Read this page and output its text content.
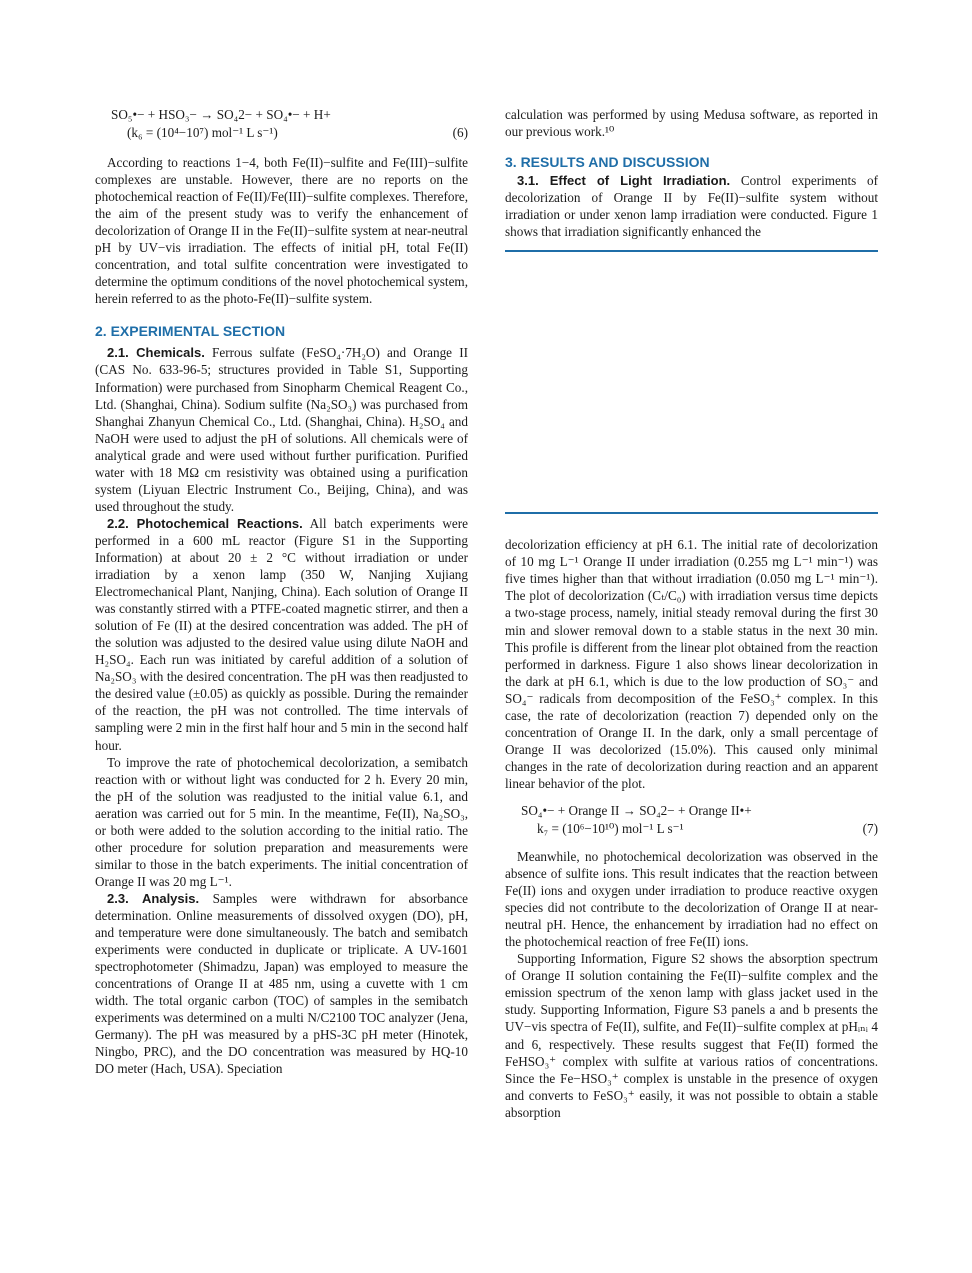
SO₅•− + HSO₃− → SO₄2− + SO₄•− + H+
(k₆ = (10⁴−10⁷) mol⁻¹ L s⁻¹)	(6)

According to reactions 1−4, both Fe(II)−sulfite and Fe(III)−sulfite complexes are unstable. However, there are no reports on the photochemical reaction of Fe(II)/Fe(III)−sulfite complexes. Therefore, the aim of the present study was to verify the enhancement of decolorization of Orange II in the Fe(II)−sulfite system at near-neutral pH by UV−vis irradiation. The effects of initial pH, total Fe(II) concentration, and total sulfite concentration were investigated to determine the optimum conditions of the novel photochemical system, herein referred to as the photo-Fe(II)−sulfite system.

2. EXPERIMENTAL SECTION

2.1. Chemicals. Ferrous sulfate (FeSO₄·7H₂O) and Orange II (CAS No. 633-96-5; structures provided in Table S1, Supporting Information) were purchased from Sinopharm Chemical Reagent Co., Ltd. (Shanghai, China). Sodium sulfite (Na₂SO₃) was purchased from Shanghai Zhanyun Chemical Co., Ltd. (Shanghai, China). H₂SO₄ and NaOH were used to adjust the pH of solutions. All chemicals were of analytical grade and were used without further purification. Purified water with 18 MΩ cm resistivity was obtained using a purification system (Liyuan Electric Instrument Co., Beijing, China), and was used throughout the study.

2.2. Photochemical Reactions. All batch experiments were performed in a 600 mL reactor (Figure S1 in the Supporting Information) at about 20 ± 2 °C without irradiation or under irradiation by a xenon lamp (350 W, Nanjing Xujiang Electromechanical Plant, Nanjing, China). Each solution of Orange II was constantly stirred with a PTFE-coated magnetic stirrer, and then a solution of Fe (II) at the desired concentration was added. The pH of the solution was adjusted to the desired value using dilute NaOH and H₂SO₄. Each run was initiated by careful addition of a solution of Na₂SO₃ with the desired concentration. The pH was then readjusted to the desired value (±0.05) as quickly as possible. During the remainder of the reaction, the pH was not controlled. The time intervals of sampling were 2 min in the first half hour and 5 min in the second half hour.

To improve the rate of photochemical decolorization, a semibatch reaction with or without light was conducted for 2 h. Every 20 min, the pH of the solution was readjusted to the initial value 6.1, and aeration was carried out for 5 min. In the meantime, Fe(II), Na₂SO₃, or both were added to the solution according to the initial ratio. The other procedure for solution preparation and measurements were similar to those in the batch experiments. The initial concentration of Orange II was 20 mg L⁻¹.

2.3. Analysis. Samples were withdrawn for absorbance determination. Online measurements of dissolved oxygen (DO), pH, and temperature were done simultaneously. The batch and semibatch experiments were conducted in duplicate or triplicate. A UV-1601 spectrophotometer (Shimadzu, Japan) was employed to measure the concentrations of Orange II at 485 nm, using a cuvette with 1 cm width. The total organic carbon (TOC) of samples in the semibatch experiments was determined on a multi N/C2100 TOC analyzer (Jena, Germany). The pH was measured by a pHS-3C pH meter (Hinotek, Ningbo, PRC), and the DO concentration was measured by HQ-10 DO meter (Hach, USA). Speciation

calculation was performed by using Medusa software, as reported in our previous work.¹⁰

3. RESULTS AND DISCUSSION

3.1. Effect of Light Irradiation. Control experiments of decolorization of Orange II by Fe(II)−sulfite system without irradiation or under xenon lamp irradiation were conducted. Figure 1 shows that irradiation significantly enhanced the

decolorization efficiency at pH 6.1. The initial rate of decolorization of 10 mg L⁻¹ Orange II under irradiation (0.255 mg L⁻¹ min⁻¹) was five times higher than that without irradiation (0.050 mg L⁻¹ min⁻¹). The plot of decolorization (Cₜ/C₀) with irradiation versus time depicts a two-stage process, namely, initial steady removal during the first 30 min and slower removal down to a stable status in the next 30 min. This profile is different from the linear plot obtained from the reaction performed in darkness. Figure 1 also shows linear decolorization in the dark at pH 6.1, which is due to the low production of SO₃⁻ and SO₄⁻ radicals from decomposition of the FeSO₃⁺ complex. In this case, the rate of decolorization (reaction 7) depended only on the concentration of Orange II. In the dark, only a small percentage of Orange II was decolorized (15.0%). This caused only minimal changes in the rate of decolorization during reaction and an apparent linear behavior of the plot.

SO₄•− + Orange II → SO₄2− + Orange II•+
k₇ = (10⁶−10¹⁰) mol⁻¹ L s⁻¹	(7)

Meanwhile, no photochemical decolorization was observed in the absence of sulfite ions. This result indicates that the reaction between Fe(II) ions and oxygen under irradiation to produce reactive oxygen species did not contribute to the decolorization of Orange II at near-neutral pH. Hence, the enhancement by irradiation had no effect on the photochemical reaction of free Fe(II) ions.

Supporting Information, Figure S2 shows the absorption spectrum of Orange II solution containing the Fe(II)−sulfite complex and the emission spectrum of the xenon lamp with glass jacket used in the study. Supporting Information, Figure S3 panels a and b presents the UV−vis spectra of Fe(II), sulfite, and Fe(II)−sulfite complex at pHᵢₙᵢ 4 and 6, respectively. These results suggest that Fe(II) formed the FeHSO₃⁺ complex with sulfite at various ratios of concentrations. Since the Fe−HSO₃⁺ complex is unstable in the presence of oxygen and converts to FeSO₃⁺ easily, it was not possible to obtain a stable absorption
